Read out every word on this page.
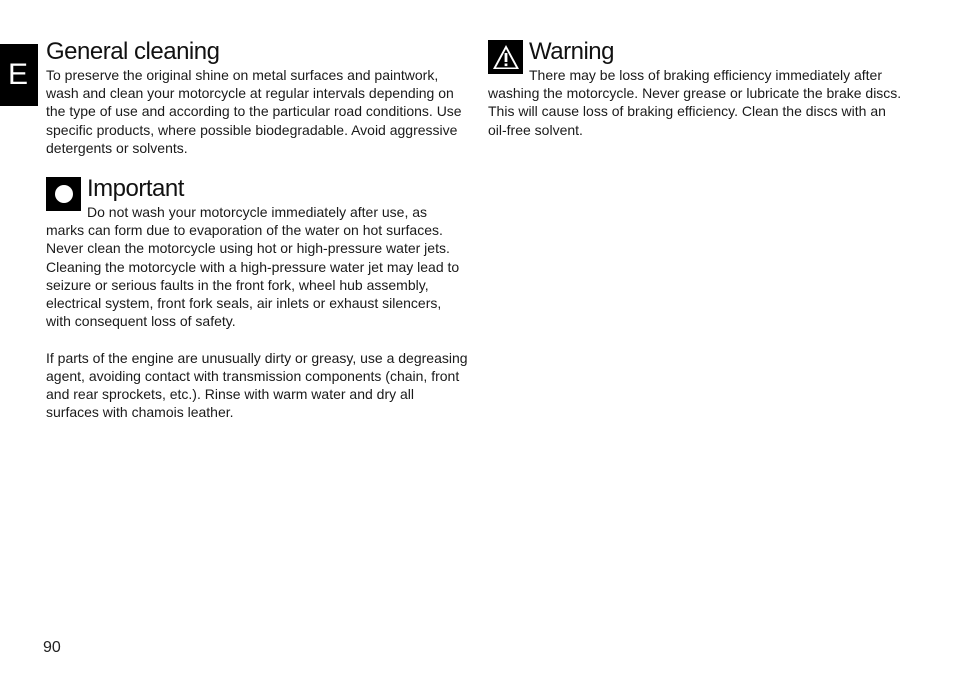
E
General cleaning

To preserve the original shine on metal surfaces and paintwork, wash and clean your motorcycle at regular intervals depending on the type of use and according to the particular road conditions. Use specific products, where possible biodegradable. Avoid aggressive detergents or solvents.

Important

Do not wash your motorcycle immediately after use, as marks can form due to evaporation of the water on hot surfaces. Never clean the motorcycle using hot or high-pressure water jets. Cleaning the motorcycle with a high-pressure water jet may lead to seizure or serious faults in the front fork, wheel hub assembly, electrical system, front fork seals, air inlets or exhaust silencers, with consequent loss of safety.

If parts of the engine are unusually dirty or greasy, use a degreasing agent, avoiding contact with transmission components (chain, front and rear sprockets, etc.). Rinse with warm water and dry all surfaces with chamois leather.

Warning

There may be loss of braking efficiency immediately after washing the motorcycle. Never grease or lubricate the brake discs. This will cause loss of braking efficiency. Clean the discs with an oil-free solvent.

90
